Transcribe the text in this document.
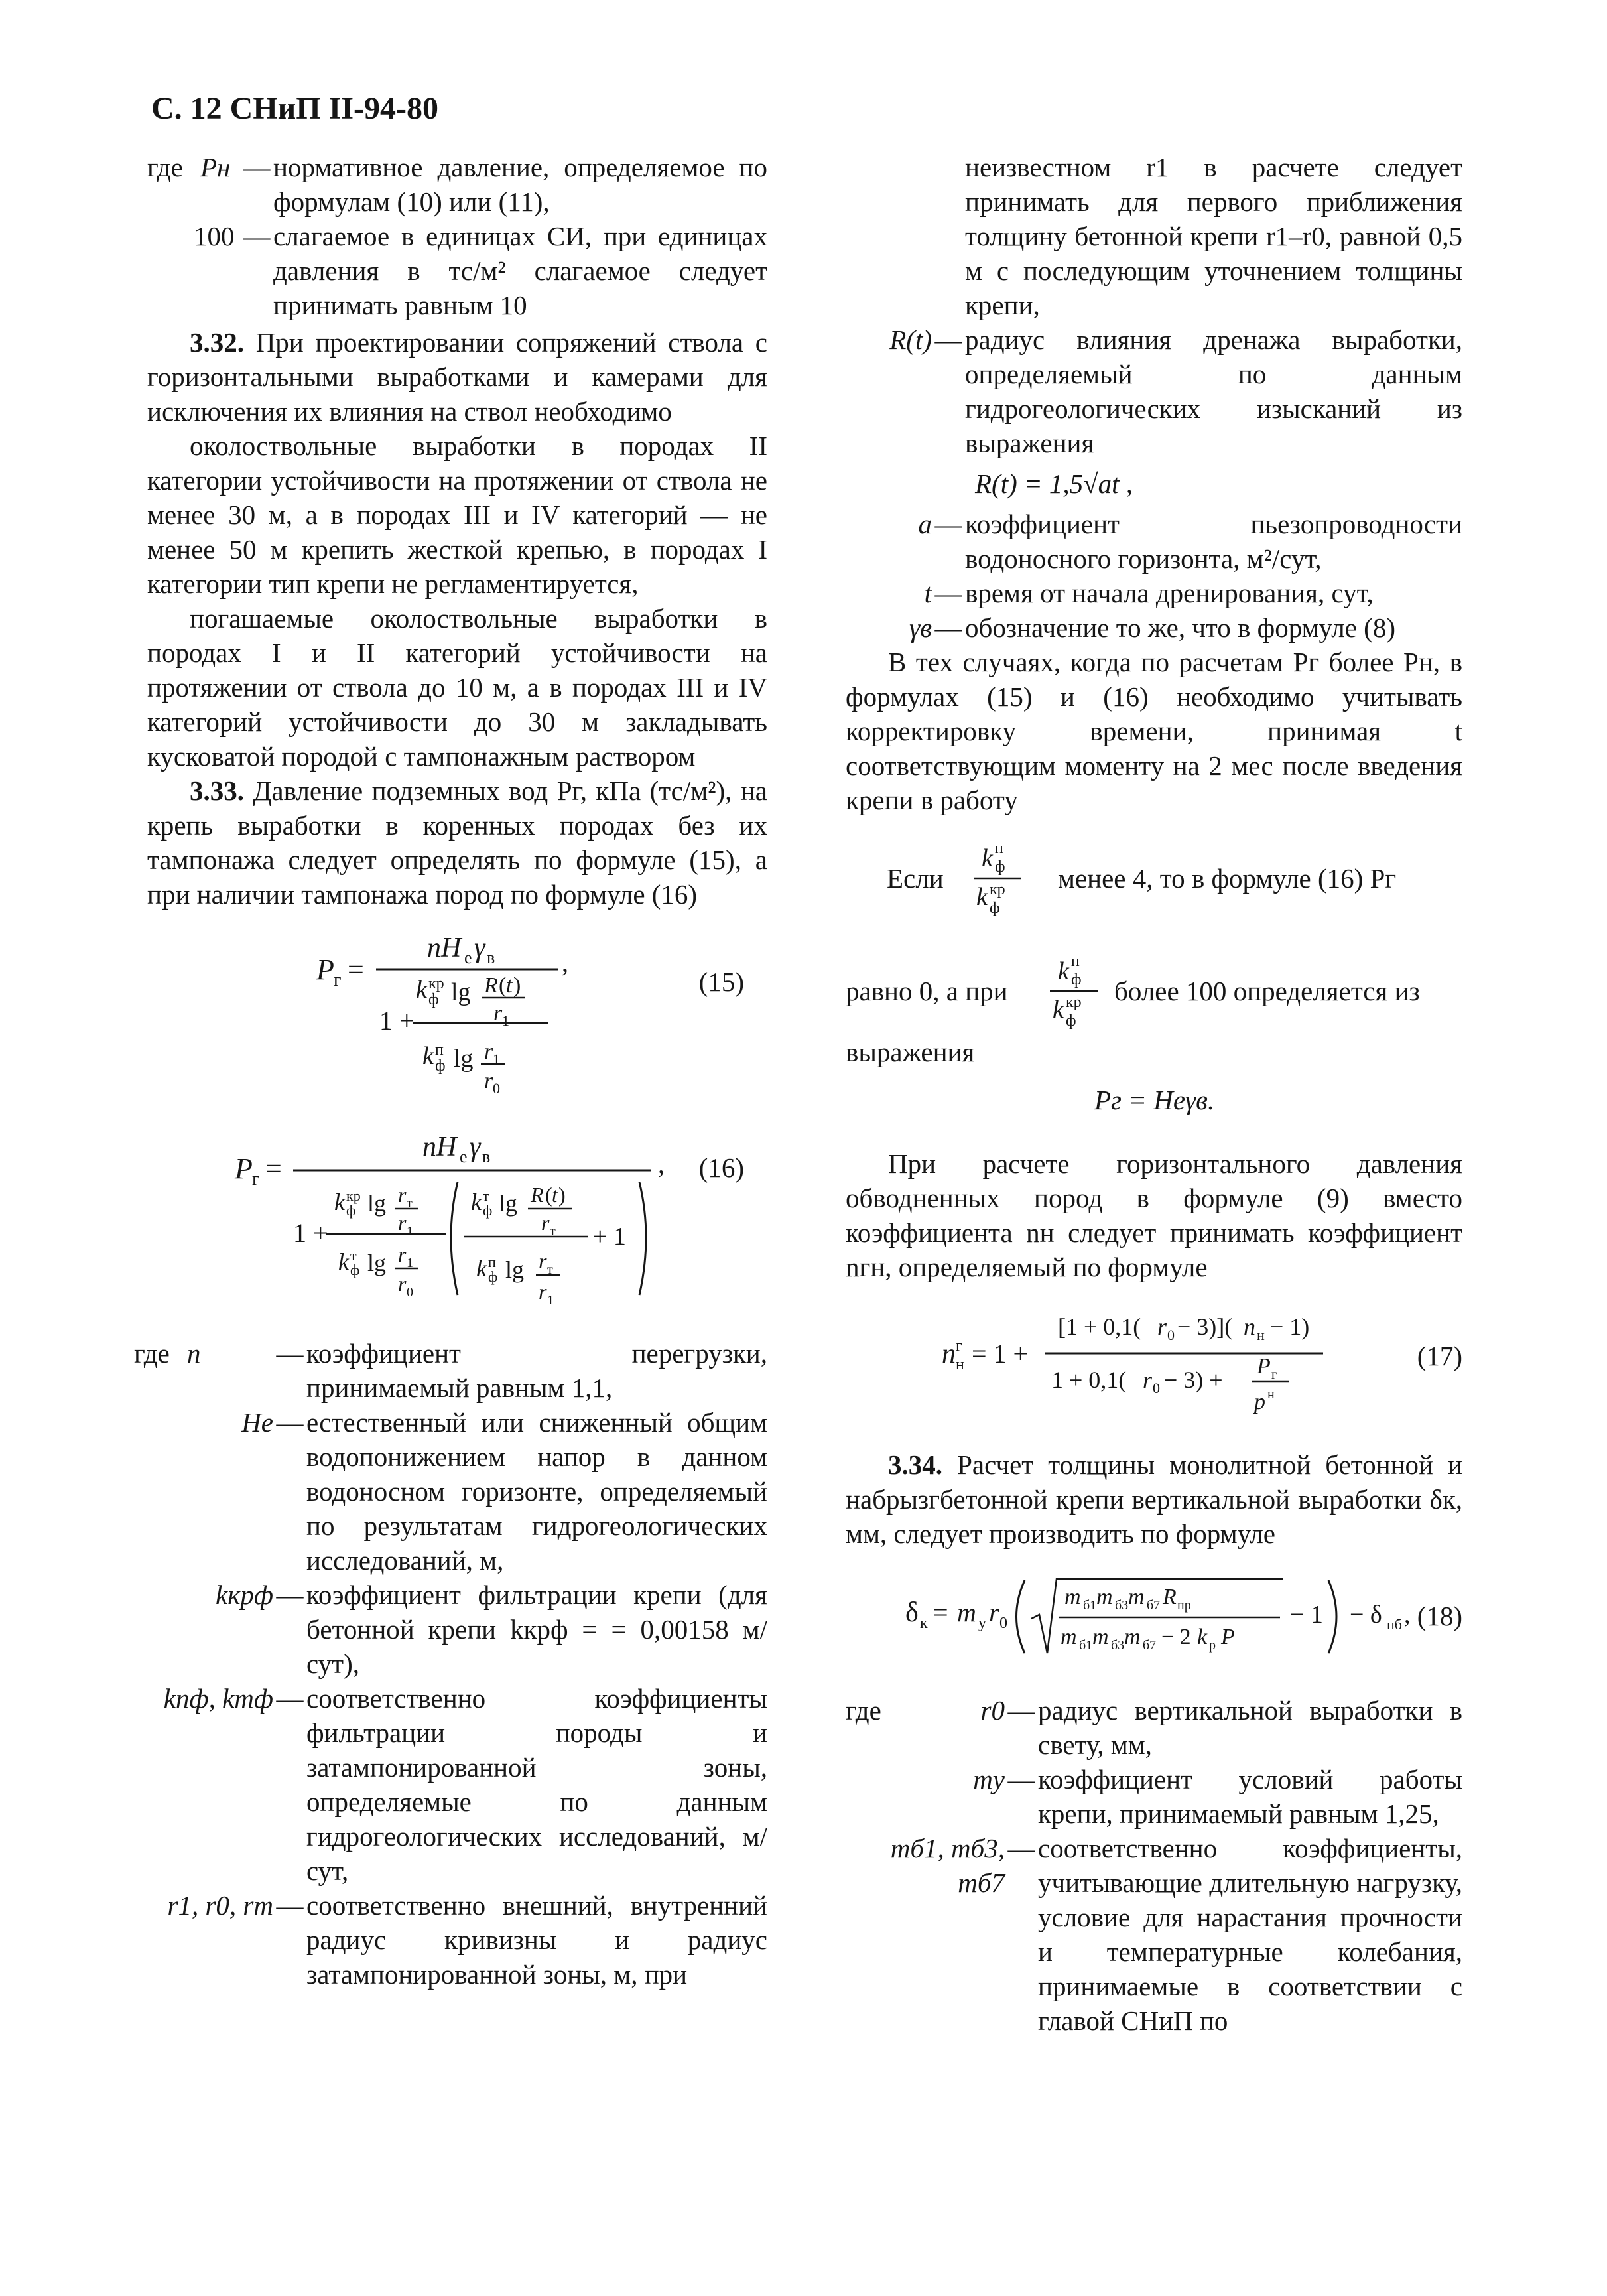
С. 12 СНиП II-94-80
где Pн — нормативное давление, определяемое по формулам (10) или (11),
100 — слагаемое в единицах СИ, при единицах давления в тс/м² слагаемое следует принимать равным 10

3.32. При проектировании сопряжений ствола с горизонтальными выработками и камерами для исключения их влияния на ствол необходимо

околоствольные выработки в породах II категории устойчивости на протяжении от ствола не менее 30 м, а в породах III и IV категорий — не менее 50 м крепить жесткой крепью, в породах I категории тип крепи не регламентируется,

погашаемые околоствольные выработки в породах I и II категорий устойчивости на протяжении от ствола до 10 м, а в породах III и IV категорий устойчивости до 30 м закладывать кусковатой породой с тампонажным раствором

3.33. Давление подземных вод Pг, кПа (тс/м²), на крепь выработки в коренных породах без их тампонажа следует определять по формуле (15), а при наличии тампонажа пород по формуле (16)

P г =
nH е γ в
k кр
ф lg R ( t )
r 1
1 +
k п
ф lg r 1
r 0
,
(15)
P г =
nH е γ в
1 +
k кр
ф lg r т
r 1
k т
ф lg r 1
r 0
k т
ф lg R ( t )
r т + 1
k п
ф lg r т
r 1
, (16)
где n	— коэффициент перегрузки, принимаемый равным 1,1,
Hе — естественный или сниженный общим водопонижением напор в данном водоносном горизонте, определяемый по результатам гидрогеологических исследований, м,
kкрф — коэффициент фильтрации крепи (для бетонной крепи kкрф = = 0,00158 м/сут),
kпф, kтф — соответственно коэффициенты фильтрации породы и затампонированной зоны, определяемые по данным гидрогеологических исследований, м/сут,
r1, r0, rт — соответственно внешний, внутренний радиус кривизны и радиус затампонированной зоны, м, при
неизвестном r1 в расчете следует принимать для первого приближения толщину бетонной крепи r1–r0, равной 0,5 м с последующим уточнением толщины крепи,
R(t) — радиус влияния дренажа выработки, определяемый по данным гидрогеологических изысканий из выражения
R(t) = 1,5√at ,
a — коэффициент пьезопроводности водоносного горизонта, м²/сут,
t — время от начала дренирования, сут,
γв — обозначение то же, что в формуле (8)

В тех случаях, когда по расчетам Pг более Pн, в формулах (15) и (16) необходимо учитывать корректировку времени, принимая t соответствующим моменту на 2 мес после введения крепи в работу

Если
k п
ф
k кр
ф
менее 4, то в формуле (16) Pг
равно 0, а при
k п
ф
k кр
ф
более 100 определяется из
выражения
Pг = Hеγв.

При расчете горизонтального давления обводненных пород в формуле (9) вместо коэффициента nн следует принимать коэффициент nгн, определяемый по формуле

n г
н = 1 +
[1 + 0,1( r 0 − 3)]( n н − 1)
1 + 0,1( r 0 − 3) +
P г
p н
(17)

3.34. Расчет толщины монолитной бетонной и набрызгбетонной крепи вертикальной выработки δк, мм, следует производить по формуле

δ к = m у r 0
m б1 m б3 m б7 R пр
m б1 m б3 m б7 − 2 k р P
− 1 − δ пб , (18)
где	r0 — радиус вертикальной выработки в свету, мм,
mу — коэффициент условий работы крепи, принимаемый равным 1,25,
mб1, mб3, mб7
— соответственно коэффициенты, учитывающие длительную нагрузку, условие для нарастания прочности и температурные колебания, принимаемые в соответствии с главой СНиП по
